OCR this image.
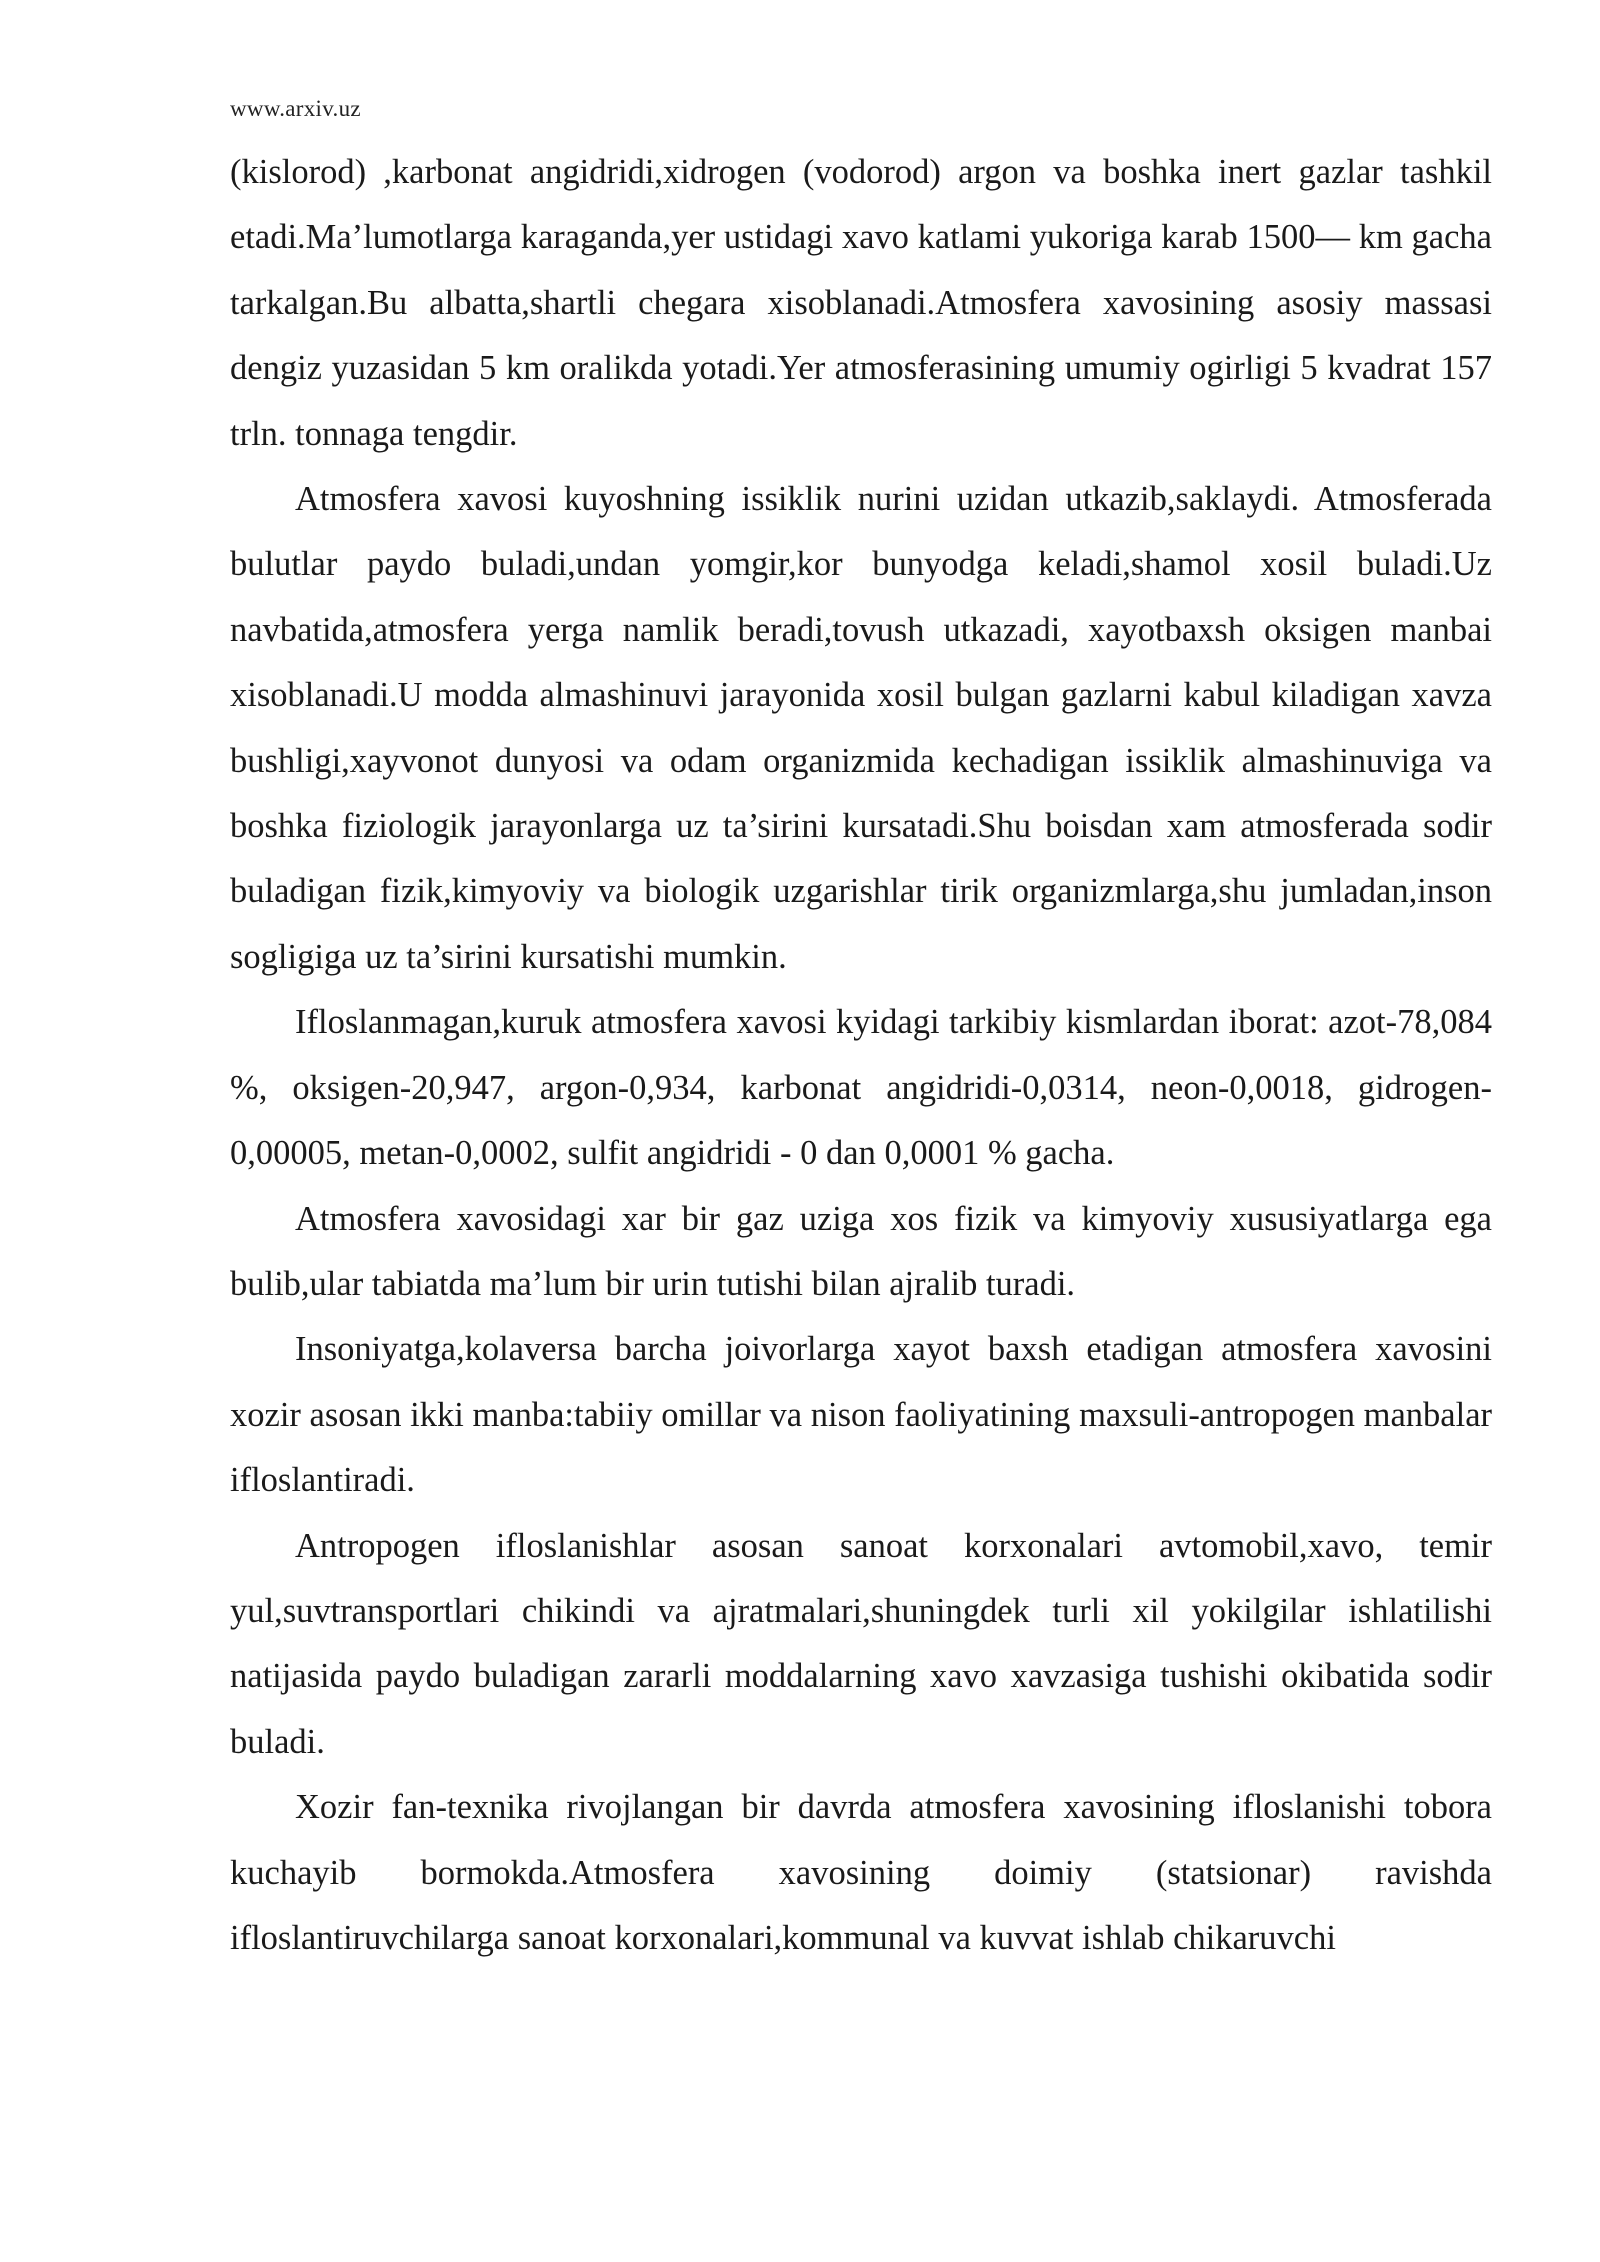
www.arxiv.uz

(kislorod) ,karbonat angidridi,xidrogen (vodorod) argon va boshka inert gazlar tashkil etadi.Ma’lumotlarga karaganda,yer ustidagi xavo katlami yukoriga karab 1500— km gacha tarkalgan.Bu albatta,shartli chegara xisoblanadi.Atmosfera xavosining asosiy massasi dengiz yuzasidan 5 km oralikda yotadi.Yer atmosferasining umumiy ogirligi 5 kvadrat 157 trln. tonnaga tengdir.

Atmosfera xavosi kuyoshning issiklik nurini uzidan utkazib,saklaydi. Atmosferada bulutlar paydo buladi,undan yomgir,kor bunyodga keladi,shamol xosil buladi.Uz navbatida,atmosfera yerga namlik beradi,tovush utkazadi, xayotbaxsh oksigen manbai xisoblanadi.U modda almashinuvi jarayonida xosil bulgan gazlarni kabul kiladigan xavza bushligi,xayvonot dunyosi va odam organizmida kechadigan issiklik almashinuviga va boshka fiziologik jarayonlarga uz ta’sirini kursatadi.Shu boisdan xam atmosferada sodir buladigan fizik,kimyoviy va biologik uzgarishlar tirik organizmlarga,shu jumladan,inson sogligiga uz ta’sirini kursatishi mumkin.

Ifloslanmagan,kuruk atmosfera xavosi kyidagi tarkibiy kismlardan iborat: azot-78,084 %, oksigen-20,947, argon-0,934, karbonat angidridi-0,0314, neon-0,0018, gidrogen-0,00005, metan-0,0002, sulfit angidridi - 0 dan 0,0001 % gacha.

Atmosfera xavosidagi xar bir gaz uziga xos fizik va kimyoviy xususiyatlarga ega bulib,ular tabiatda ma’lum bir urin tutishi bilan ajralib turadi.

Insoniyatga,kolaversa barcha joivorlarga xayot baxsh etadigan atmosfera xavosini xozir asosan ikki manba:tabiiy omillar va nison faoliyatining maxsuli-antropogen manbalar ifloslantiradi.

Antropogen ifloslanishlar asosan sanoat korxonalari avtomobil,xavo, temir yul,suvtransportlari chikindi va ajratmalari,shuningdek turli xil yokilgilar ishlatilishi natijasida paydo buladigan zararli moddalarning xavo xavzasiga tushishi okibatida sodir buladi.

Xozir fan-texnika rivojlangan bir davrda atmosfera xavosining ifloslanishi tobora kuchayib bormokda.Atmosfera xavosining doimiy (statsionar) ravishda ifloslantiruvchilarga sanoat korxonalari,kommunal va kuvvat ishlab chikaruvchi
